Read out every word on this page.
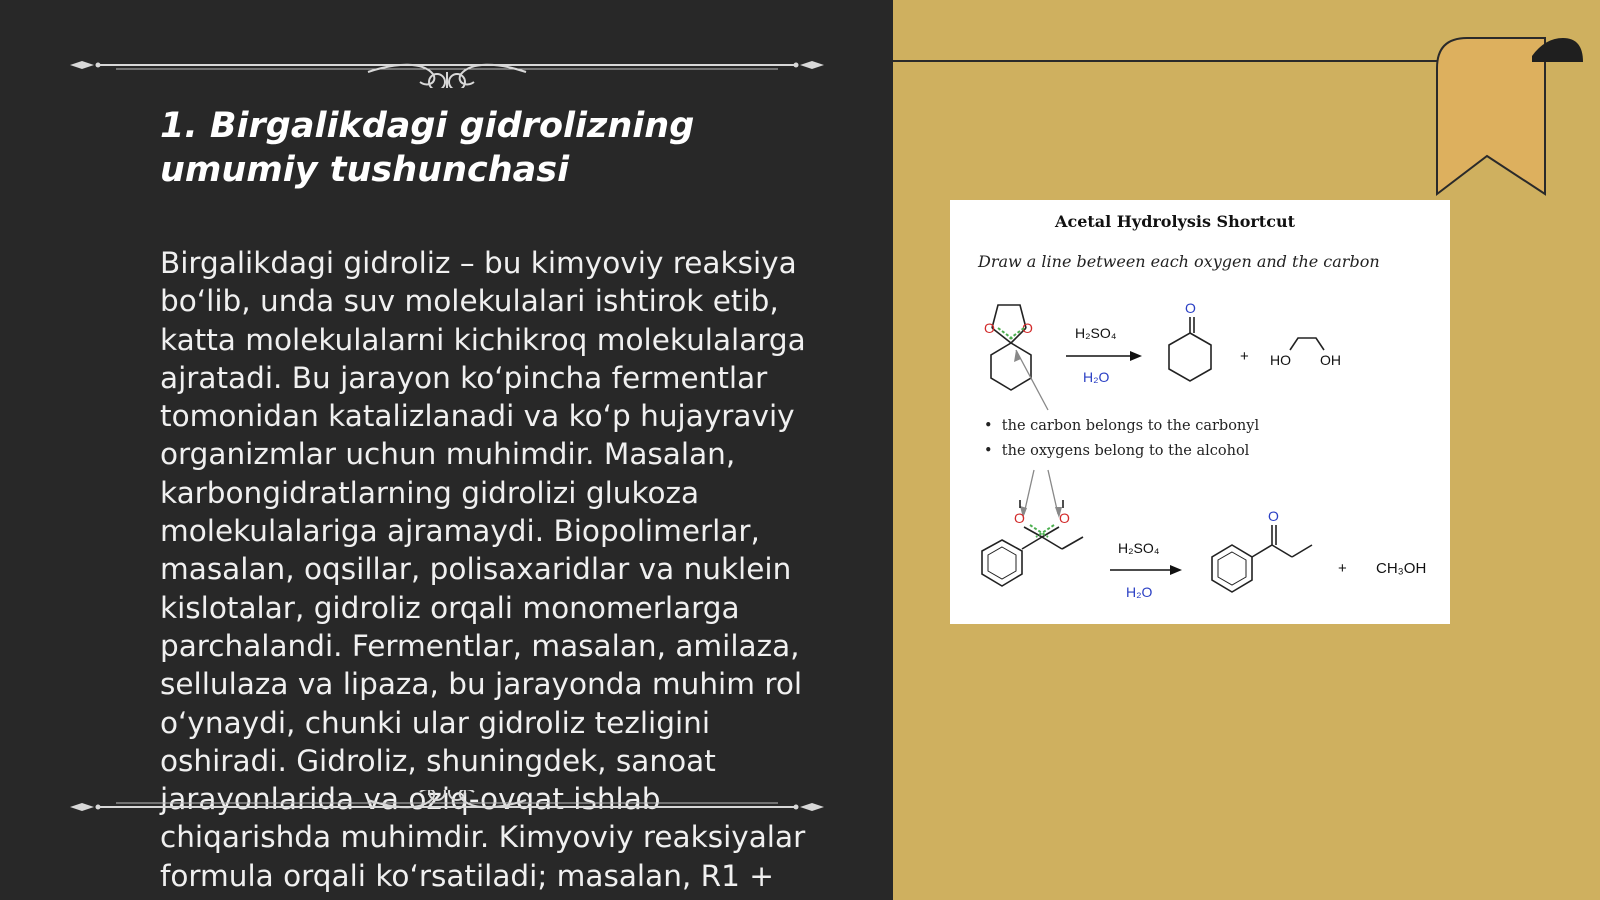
1. Birgalikdagi gidrolizning umumiy tushunchasi

Birgalikdagi gidroliz – bu kimyoviy reaksiya bo‘lib, unda suv molekulalari ishtirok etib, katta molekulalarni kichikroq molekulalarga ajratadi. Bu jarayon ko‘pincha fermentlar tomonidan katalizlanadi va ko‘p hujayraviy organizmlar uchun muhimdir. Masalan, karbongidratlarning gidrolizi glukoza molekulalariga ajramaydi. Biopolimerlar, masalan, oqsillar, polisaxaridlar va nuklein kislotalar, gidroliz orqali monomerlarga parchalandi. Fermentlar, masalan, amilaza, sellulaza va lipaza, bu jarayonda muhim rol o‘ynaydi, chunki ular gidroliz tezligini oshiradi. Gidroliz, shuningdek, sanoat jarayonlarida va oziq-ovqat ishlab chiqarishda muhimdir. Kimyoviy reaksiyalar formula orqali ko‘rsatiladi; masalan, R1 +

Acetal Hydrolysis Shortcut
Draw a line between each oxygen and the carbon
O O	H₂SO₄
H₂O
O
+ HO OH
O O
H₂SO₄
H₂O
O
+ CH₃OH
•  the carbon belongs to the carbonyl
•  the oxygens belong to the alcohol
